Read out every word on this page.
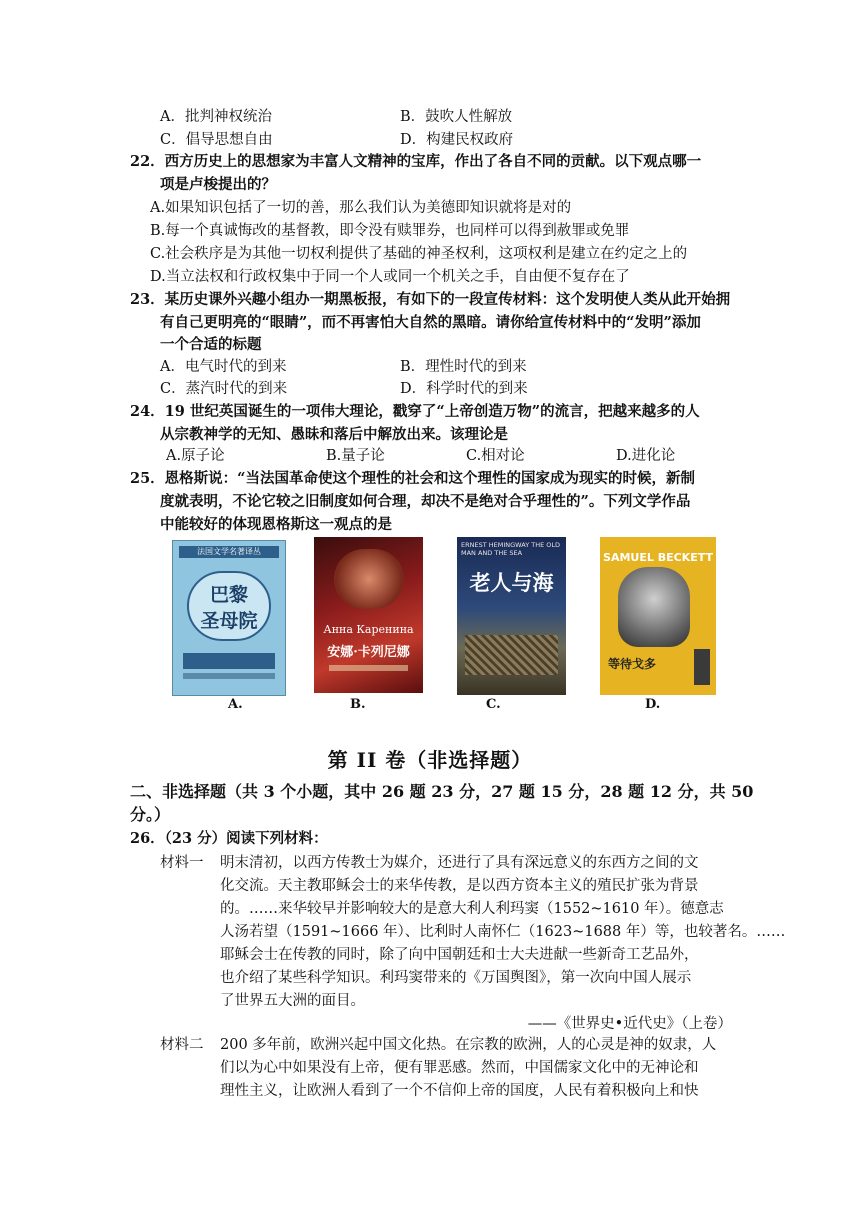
A．批判神权统治	B．鼓吹人性解放
C．倡导思想自由	D．构建民权政府
22．西方历史上的思想家为丰富人文精神的宝库，作出了各自不同的贡献。以下观点哪一
项是卢梭提出的？
A.如果知识包括了一切的善，那么我们认为美德即知识就将是对的
B.每一个真诚悔改的基督教，即令没有赎罪券，也同样可以得到赦罪或免罪
C.社会秩序是为其他一切权利提供了基础的神圣权利，这项权利是建立在约定之上的
D.当立法权和行政权集中于同一个人或同一个机关之手，自由便不复存在了
23．某历史课外兴趣小组办一期黑板报，有如下的一段宣传材料：这个发明使人类从此开始拥
有自己更明亮的“眼睛”，而不再害怕大自然的黑暗。请你给宣传材料中的“发明”添加
一个合适的标题
A．电气时代的到来	B．理性时代的到来
C．蒸汽时代的到来	D．科学时代的到来
24．19 世纪英国诞生的一项伟大理论，戳穿了“上帝创造万物”的流言，把越来越多的人
从宗教神学的无知、愚昧和落后中解放出来。该理论是
A.原子论	B.量子论	C.相对论	D.进化论
25．恩格斯说：“当法国革命使这个理性的社会和这个理性的国家成为现实的时候，新制
度就表明，不论它较之旧制度如何合理，却决不是绝对合乎理性的”。下列文学作品
中能较好的体现恩格斯这一观点的是
法国文学名著译丛
巴黎
圣母院
A.
Анна Каренина
安娜·卡列尼娜
B.
ERNEST HEMINGWAY THE OLD MAN AND THE SEA
老人与海
C.
SAMUEL BECKETT
等待戈多
D.
第 II 卷（非选择题）
二、非选择题（共 3 个小题，其中 26 题 23 分，27 题 15 分，28 题 12 分，共 50
分。）
26．（23 分）阅读下列材料：
材料一 明末清初，以西方传教士为媒介，还进行了具有深远意义的东西方之间的文
化交流。天主教耶稣会士的来华传教，是以西方资本主义的殖民扩张为背景
的。……来华较早并影响较大的是意大利人利玛窦（1552~1610 年）。德意志
人汤若望（1591~1666 年）、比利时人南怀仁（1623~1688 年）等，也较著名。……
耶稣会士在传教的同时，除了向中国朝廷和士大夫进献一些新奇工艺品外，
也介绍了某些科学知识。利玛窦带来的《万国舆图》，第一次向中国人展示
了世界五大洲的面目。
——《世界史•近代史》（上卷）
材料二 200 多年前，欧洲兴起中国文化热。在宗教的欧洲，人的心灵是神的奴隶，人
们以为心中如果没有上帝，便有罪恶感。然而，中国儒家文化中的无神论和
理性主义，让欧洲人看到了一个不信仰上帝的国度，人民有着积极向上和快
